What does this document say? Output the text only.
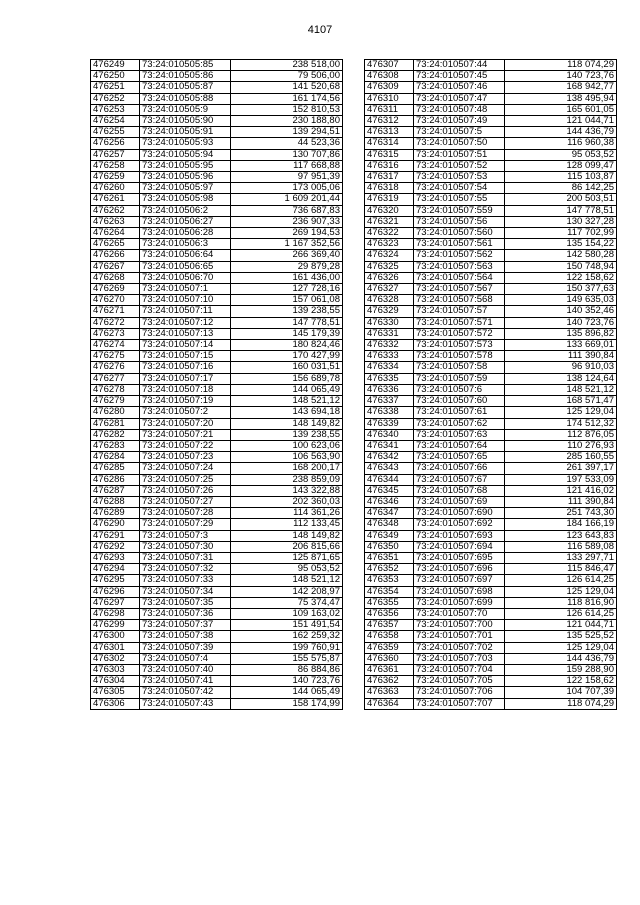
4107
476249	73:24:010505:85	238 518,00
476250	73:24:010505:86	79 506,00
476251	73:24:010505:87	141 520,68
476252	73:24:010505:88	161 174,56
476253	73:24:010505:9	152 810,53
476254	73:24:010505:90	230 188,80
476255	73:24:010505:91	139 294,51
476256	73:24:010505:93	44 523,36
476257	73:24:010505:94	130 707,86
476258	73:24:010505:95	117 668,88
476259	73:24:010505:96	97 951,39
476260	73:24:010505:97	173 005,06
476261	73:24:010505:98	1 609 201,44
476262	73:24:010506:2	736 687,83
476263	73:24:010506:27	236 907,33
476264	73:24:010506:28	269 194,53
476265	73:24:010506:3	1 167 352,56
476266	73:24:010506:64	266 369,40
476267	73:24:010506:65	29 879,28
476268	73:24:010506:70	161 436,00
476269	73:24:010507:1	127 728,16
476270	73:24:010507:10	157 061,08
476271	73:24:010507:11	139 238,55
476272	73:24:010507:12	147 778,51
476273	73:24:010507:13	145 179,39
476274	73:24:010507:14	180 824,46
476275	73:24:010507:15	170 427,99
476276	73:24:010507:16	160 031,51
476277	73:24:010507:17	156 689,78
476278	73:24:010507:18	144 065,49
476279	73:24:010507:19	148 521,12
476280	73:24:010507:2	143 694,18
476281	73:24:010507:20	148 149,82
476282	73:24:010507:21	139 238,55
476283	73:24:010507:22	100 623,06
476284	73:24:010507:23	106 563,90
476285	73:24:010507:24	168 200,17
476286	73:24:010507:25	238 859,09
476287	73:24:010507:26	143 322,88
476288	73:24:010507:27	202 360,03
476289	73:24:010507:28	114 361,26
476290	73:24:010507:29	112 133,45
476291	73:24:010507:3	148 149,82
476292	73:24:010507:30	206 815,66
476293	73:24:010507:31	125 871,65
476294	73:24:010507:32	95 053,52
476295	73:24:010507:33	148 521,12
476296	73:24:010507:34	142 208,97
476297	73:24:010507:35	75 374,47
476298	73:24:010507:36	109 163,02
476299	73:24:010507:37	151 491,54
476300	73:24:010507:38	162 259,32
476301	73:24:010507:39	199 760,91
476302	73:24:010507:4	155 575,87
476303	73:24:010507:40	86 884,86
476304	73:24:010507:41	140 723,76
476305	73:24:010507:42	144 065,49
476306	73:24:010507:43	158 174,99
476307	73:24:010507:44	118 074,29
476308	73:24:010507:45	140 723,76
476309	73:24:010507:46	168 942,77
476310	73:24:010507:47	138 495,94
476311	73:24:010507:48	165 601,05
476312	73:24:010507:49	121 044,71
476313	73:24:010507:5	144 436,79
476314	73:24:010507:50	116 960,38
476315	73:24:010507:51	95 053,52
476316	73:24:010507:52	128 099,47
476317	73:24:010507:53	115 103,87
476318	73:24:010507:54	86 142,25
476319	73:24:010507:55	200 503,51
476320	73:24:010507:559	147 778,51
476321	73:24:010507:56	130 327,28
476322	73:24:010507:560	117 702,99
476323	73:24:010507:561	135 154,22
476324	73:24:010507:562	142 580,28
476325	73:24:010507:563	150 748,94
476326	73:24:010507:564	122 158,62
476327	73:24:010507:567	150 377,63
476328	73:24:010507:568	149 635,03
476329	73:24:010507:57	140 352,46
476330	73:24:010507:571	140 723,76
476331	73:24:010507:572	135 896,82
476332	73:24:010507:573	133 669,01
476333	73:24:010507:578	111 390,84
476334	73:24:010507:58	96 910,03
476335	73:24:010507:59	138 124,64
476336	73:24:010507:6	148 521,12
476337	73:24:010507:60	168 571,47
476338	73:24:010507:61	125 129,04
476339	73:24:010507:62	174 512,32
476340	73:24:010507:63	112 876,05
476341	73:24:010507:64	110 276,93
476342	73:24:010507:65	285 160,55
476343	73:24:010507:66	261 397,17
476344	73:24:010507:67	197 533,09
476345	73:24:010507:68	121 416,02
476346	73:24:010507:69	111 390,84
476347	73:24:010507:690	251 743,30
476348	73:24:010507:692	184 166,19
476349	73:24:010507:693	123 643,83
476350	73:24:010507:694	116 589,08
476351	73:24:010507:695	133 297,71
476352	73:24:010507:696	115 846,47
476353	73:24:010507:697	126 614,25
476354	73:24:010507:698	125 129,04
476355	73:24:010507:699	118 816,90
476356	73:24:010507:70	126 614,25
476357	73:24:010507:700	121 044,71
476358	73:24:010507:701	135 525,52
476359	73:24:010507:702	125 129,04
476360	73:24:010507:703	144 436,79
476361	73:24:010507:704	159 288,90
476362	73:24:010507:705	122 158,62
476363	73:24:010507:706	104 707,39
476364	73:24:010507:707	118 074,29
